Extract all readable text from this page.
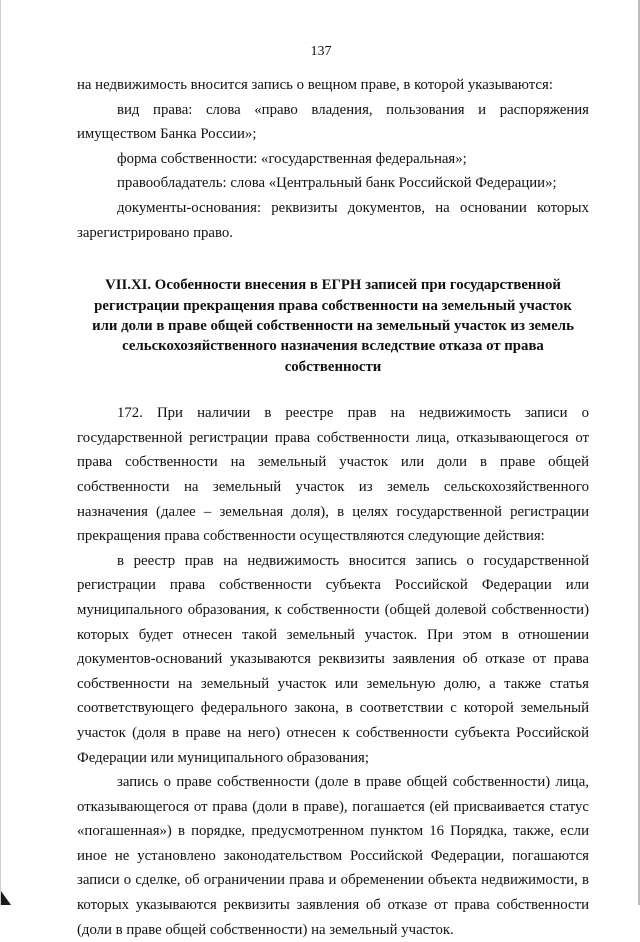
137

на недвижимость вносится запись о вещном праве, в которой указываются:

вид права: слова «право владения, пользования и распоряжения имуществом Банка России»;

форма собственности: «государственная федеральная»;

правообладатель: слова «Центральный банк Российской Федерации»;

документы-основания: реквизиты документов, на основании которых зарегистрировано право.

VII.XI. Особенности внесения в ЕГРН записей при государственной
регистрации прекращения права собственности на земельный участок
или доли в праве общей собственности на земельный участок из земель
сельскохозяйственного назначения вследствие отказа от права
собственности

172. При наличии в реестре прав на недвижимость записи о государственной регистрации права собственности лица, отказывающегося от права собственности на земельный участок или доли в праве общей собственности на земельный участок из земель сельскохозяйственного назначения (далее – земельная доля), в целях государственной регистрации прекращения права собственности осуществляются следующие действия:

в реестр прав на недвижимость вносится запись о государственной регистрации права собственности субъекта Российской Федерации или муниципального образования, к собственности (общей долевой собственности) которых будет отнесен такой земельный участок. При этом в отношении документов-оснований указываются реквизиты заявления об отказе от права собственности на земельный участок или земельную долю, а также статья соответствующего федерального закона, в соответствии с которой земельный участок (доля в праве на него) отнесен к собственности субъекта Российской Федерации или муниципального образования;

запись о праве собственности (доле в праве общей собственности) лица, отказывающегося от права (доли в праве), погашается (ей присваивается статус «погашенная») в порядке, предусмотренном пунктом 16 Порядка, также, если иное не установлено законодательством Российской Федерации, погашаются записи о сделке, об ограничении права и обременении объекта недвижимости, в которых указываются реквизиты заявления об отказе от права собственности (доли в праве общей собственности) на земельный участок.
